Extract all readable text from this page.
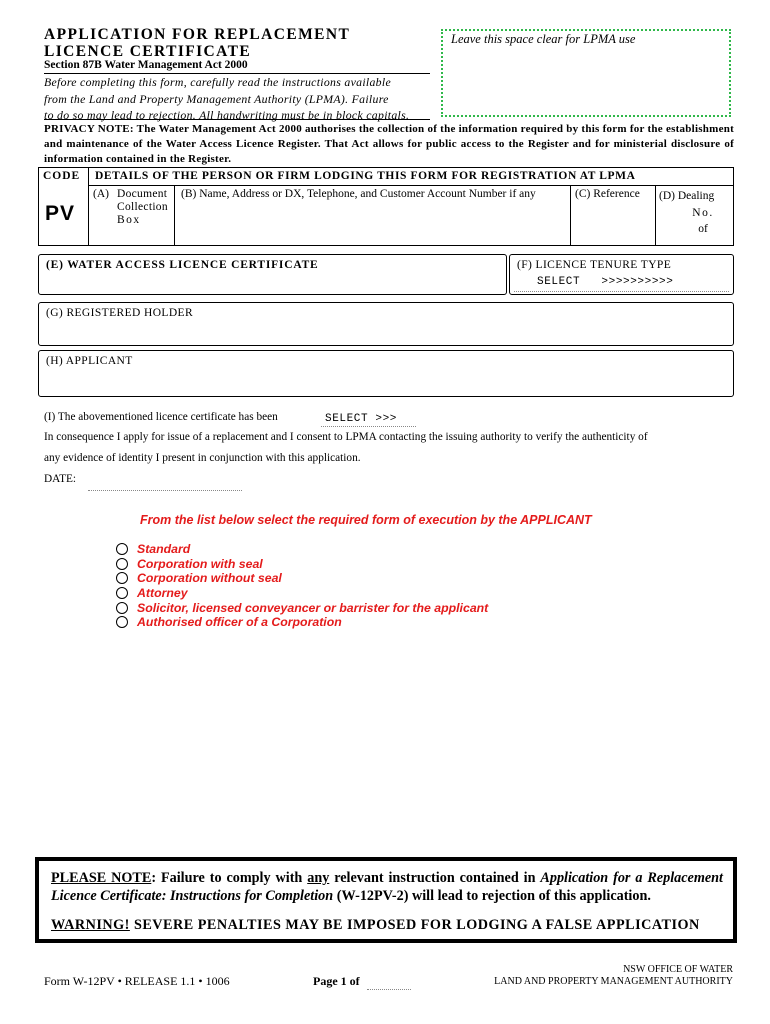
APPLICATION FOR REPLACEMENT
LICENCE CERTIFICATE
Leave this space clear for LPMA use
Section 87B Water Management Act 2000
Before completing this form, carefully read the instructions available
from the Land and Property Management Authority (LPMA). Failure
to do so may lead to rejection. All handwriting must be in block capitals.
PRIVACY NOTE: The Water Management Act 2000 authorises the collection of the information required by this form for the establishment and maintenance of the Water Access Licence Register. That Act allows for public access to the Register and for ministerial disclosure of information contained in the Register.
CODE
PV
DETAILS OF THE PERSON OR FIRM LODGING THIS FORM FOR REGISTRATION AT LPMA
(A) Document
Collection
Box
(B) Name, Address or DX, Telephone, and Customer Account Number if any	(C) Reference	(D) Dealing
No.
of
(E) WATER ACCESS LICENCE CERTIFICATE	(F) LICENCE TENURE TYPE
SELECT >>>>>>>>>>
(G) REGISTERED HOLDER
(H) APPLICANT
(I) The abovementioned licence certificate has been	SELECT >>>
In consequence I apply for issue of a replacement and I consent to LPMA contacting the issuing authority to verify the authenticity of
any evidence of identity I present in conjunction with this application.
DATE:
From the list below select the required form of execution by the APPLICANT
Standard
Corporation with seal
Corporation without seal
Attorney
Solicitor, licensed conveyancer or barrister for the applicant
Authorised officer of a Corporation
PLEASE NOTE: Failure to comply with any relevant instruction contained in Application for a Replacement Licence Certificate: Instructions for Completion (W-12PV-2) will lead to rejection of this application.
WARNING! SEVERE PENALTIES MAY BE IMPOSED FOR LODGING A FALSE APPLICATION
Form W-12PV • RELEASE 1.1 • 1006	Page 1 of
NSW OFFICE OF WATER
LAND AND PROPERTY MANAGEMENT AUTHORITY
